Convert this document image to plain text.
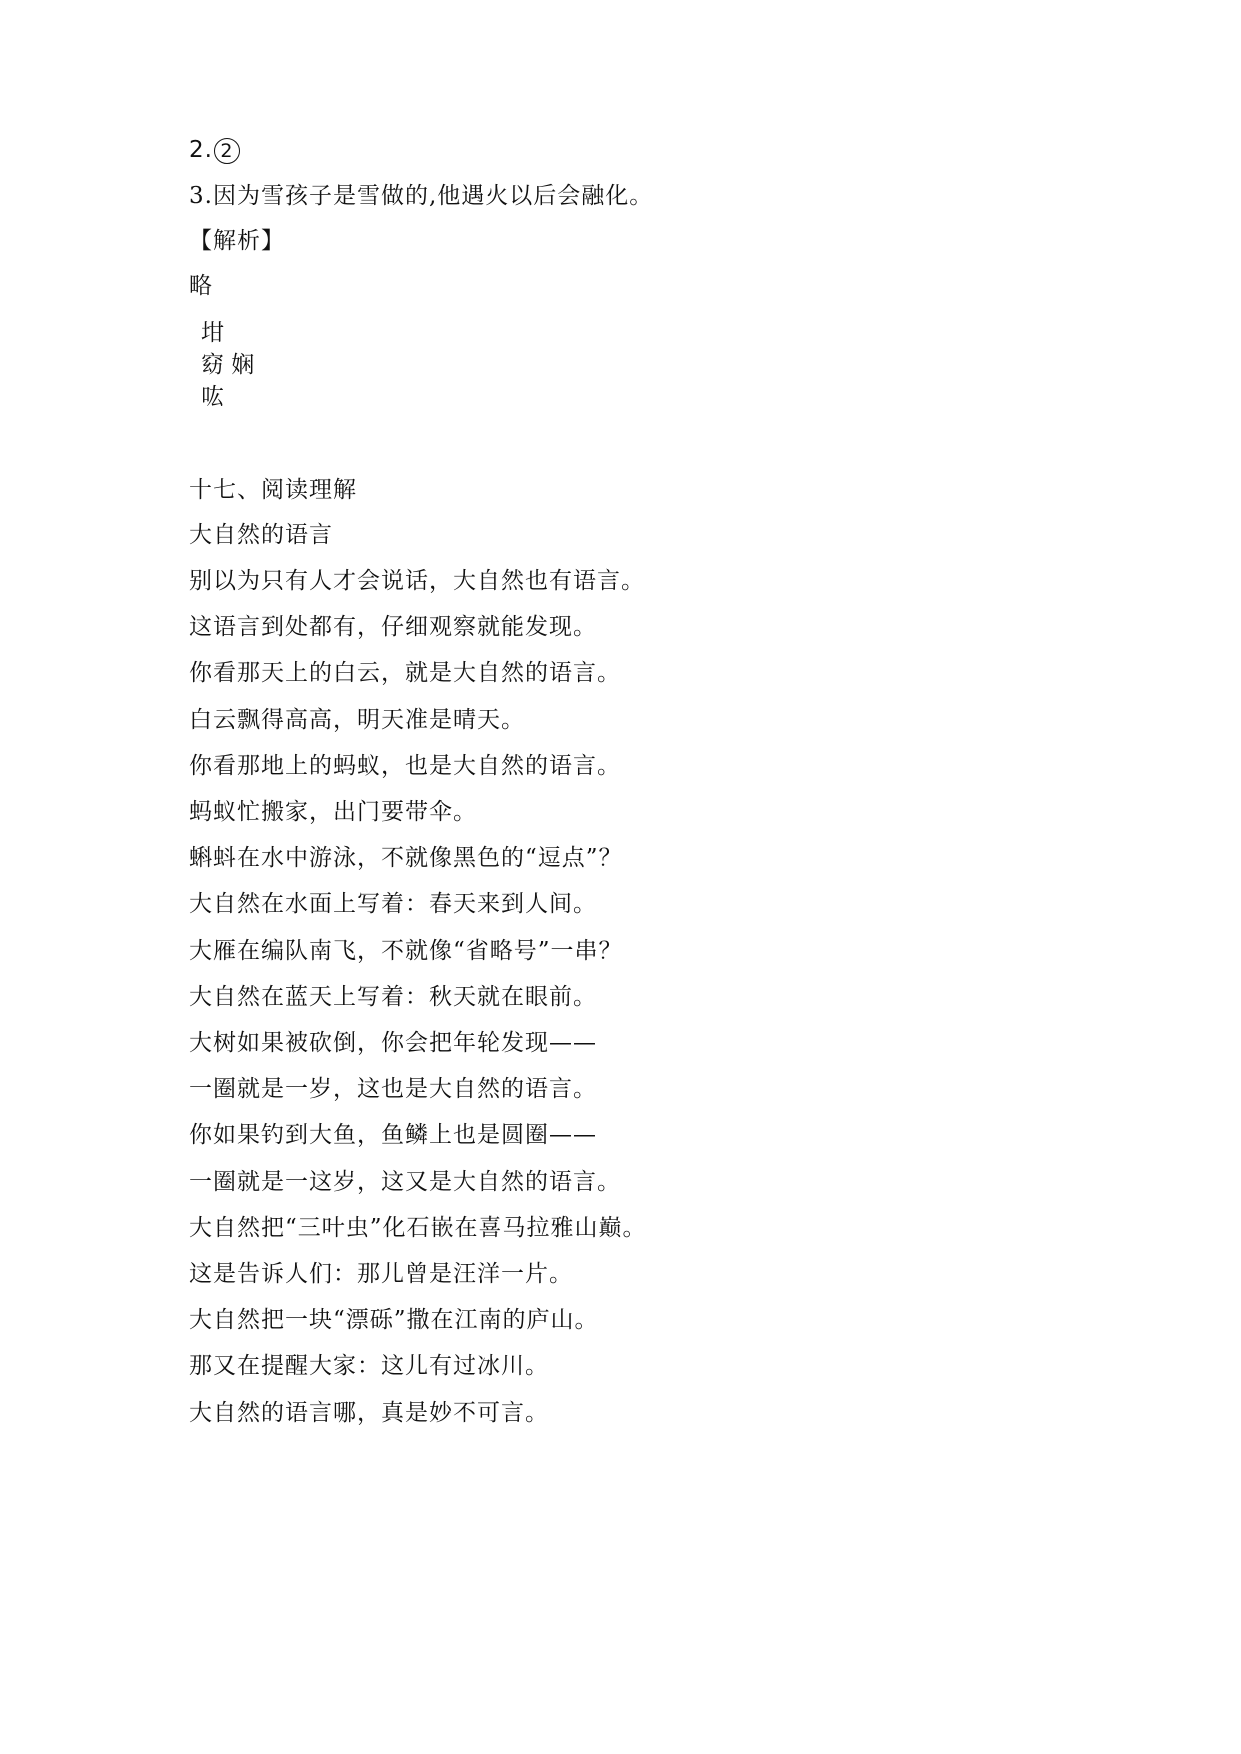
2. 2
3.因为雪孩子是雪做的,他遇火以后会融化。
【解析】
略
坩
窈 娴
吰
十七、阅读理解
大自然的语言
别以为只有人才会说话，大自然也有语言。
这语言到处都有，仔细观察就能发现。
你看那天上的白云，就是大自然的语言。
白云飘得高高，明天准是晴天。
你看那地上的蚂蚁，也是大自然的语言。
蚂蚁忙搬家，出门要带伞。
蝌蚪在水中游泳，不就像黑色的“逗点”？
大自然在水面上写着：春天来到人间。
大雁在编队南飞，不就像“省略号”一串？
大自然在蓝天上写着：秋天就在眼前。
大树如果被砍倒，你会把年轮发现——
一圈就是一岁，这也是大自然的语言。
你如果钓到大鱼，鱼鳞上也是圆圈——
一圈就是一这岁，这又是大自然的语言。
大自然把“三叶虫”化石嵌在喜马拉雅山巅。
这是告诉人们：那儿曾是汪洋一片。
大自然把一块“漂砾”撒在江南的庐山。
那又在提醒大家：这儿有过冰川。
大自然的语言哪，真是妙不可言。
